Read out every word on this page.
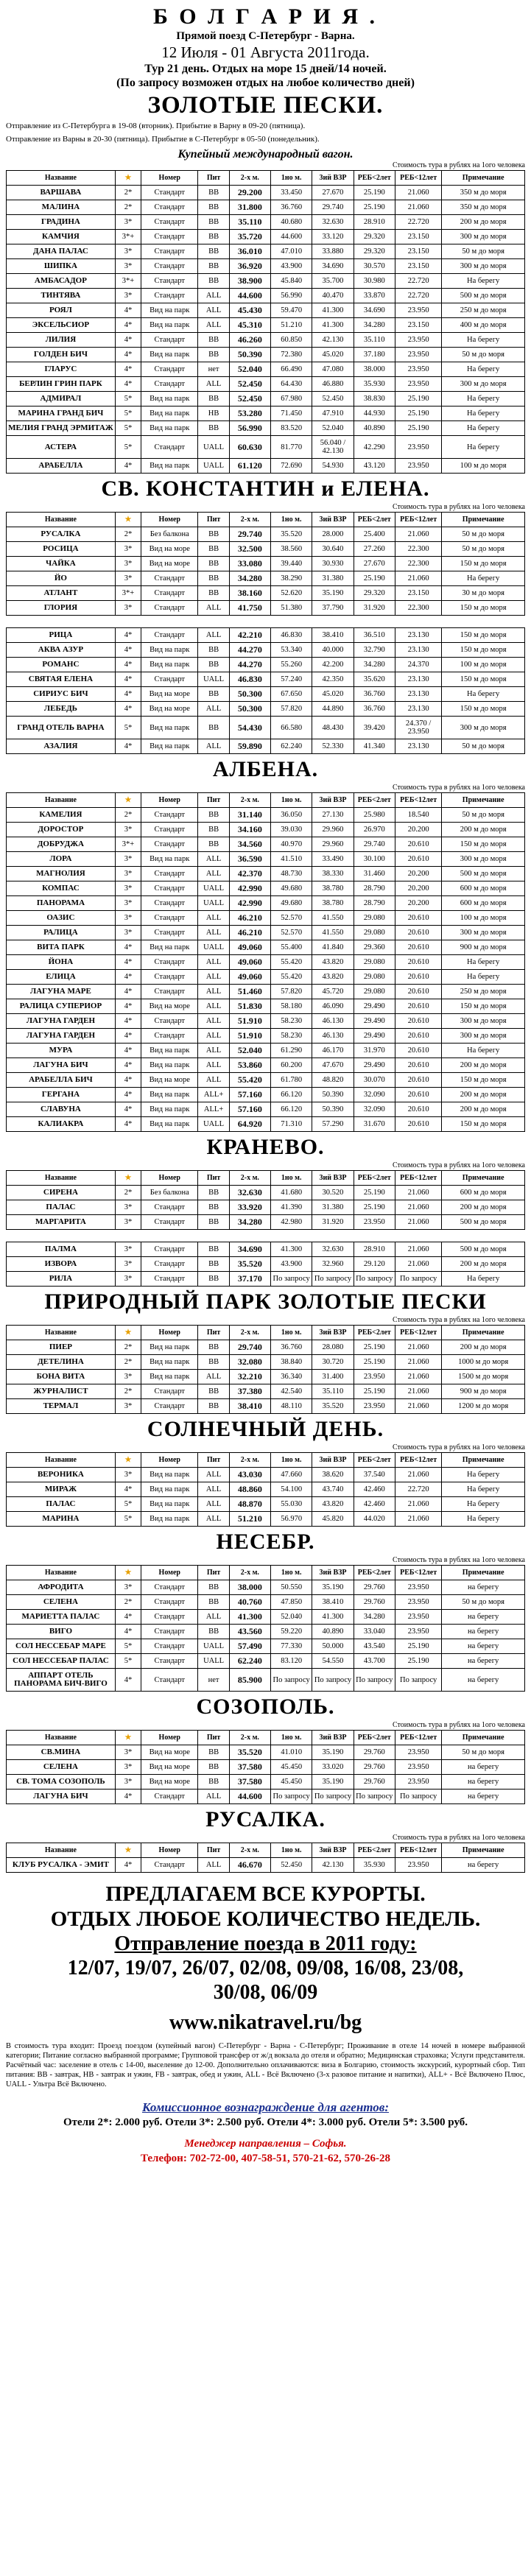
Б О Л Г А Р И Я .
Прямой поезд С-Петербург - Варна.
12 Июля - 01 Августа 2011года.
Тур 21 день. Отдых на море 15 дней/14 ночей.
(По запросу возможен отдых на любое количество дней)
ЗОЛОТЫЕ ПЕСКИ.
Отправление из С-Петербурга в 19-08 (вторник). Прибытие в Варну в 09-20 (пятница).
Отправление из Варны в 20-30 (пятница). Прибытие в С-Петербург в 05-50 (понедельник).
Купейный международный вагон.
Стоимость тура в рублях на 1ого человека
Название	★	Номер	Пит	2-х м.	1но м.	3ий ВЗР	РЕБ<2лет	РЕБ<12лет	Примечание
ВАРШАВА	2*	Стандарт	BB	29.200	33.450	27.670	25.190	21.060	350 м до моря
МАЛИНА	2*	Стандарт	BB	31.800	36.760	29.740	25.190	21.060	350 м до моря
ГРАДИНА	3*	Стандарт	BB	35.110	40.680	32.630	28.910	22.720	200 м до моря
КАМЧИЯ	3*+	Стандарт	BB	35.720	44.600	33.120	29.320	23.150	300 м до моря
ДАНА ПАЛАС	3*	Стандарт	BB	36.010	47.010	33.880	29.320	23.150	50 м до моря
ШИПКА	3*	Стандарт	BB	36.920	43.900	34.690	30.570	23.150	300 м до моря
АМБАСАДОР	3*+	Стандарт	BB	38.900	45.840	35.700	30.980	22.720	На берегу
ТИНТЯВА	3*	Стандарт	ALL	44.600	56.990	40.470	33.870	22.720	500 м до моря
РОЯЛ	4*	Вид на парк	ALL	45.430	59.470	41.300	34.690	23.950	250 м до моря
ЭКСЕЛЬСИОР	4*	Вид на парк	ALL	45.310	51.210	41.300	34.280	23.150	400 м до моря
ЛИЛИЯ	4*	Стандарт	BB	46.260	60.850	42.130	35.110	23.950	На берегу
ГОЛДЕН БИЧ	4*	Вид на парк	BB	50.390	72.380	45.020	37.180	23.950	50 м до моря
ГЛАРУС	4*	Стандарт	нет	52.040	66.490	47.080	38.000	23.950	На берегу
БЕРЛИН ГРИН ПАРК	4*	Стандарт	ALL	52.450	64.430	46.880	35.930	23.950	300 м до моря
АДМИРАЛ	5*	Вид на парк	BB	52.450	67.980	52.450	38.830	25.190	На берегу
МАРИНА ГРАНД БИЧ	5*	Вид на парк	HB	53.280	71.450	47.910	44.930	25.190	На берегу
МЕЛИЯ ГРАНД ЭРМИТАЖ	5*	Вид на парк	BB	56.990	83.520	52.040	40.890	25.190	На берегу
АСТЕРА	5*	Стандарт	UALL	60.630	81.770	56.040 / 42.130	42.290	23.950	На берегу
АРАБЕЛЛА	4*	Вид на парк	UALL	61.120	72.690	54.930	43.120	23.950	100 м до моря
СВ. КОНСТАНТИН и ЕЛЕНА.
Стоимость тура в рублях на 1ого человека
Название	★	Номер	Пит	2-х м.	1но м.	3ий ВЗР	РЕБ<2лет	РЕБ<12лет	Примечание
РУСАЛКА	2*	Без балкона	BB	29.740	35.520	28.000	25.400	21.060	50 м до моря
РОСИЦА	3*	Вид на море	BB	32.500	38.560	30.640	27.260	22.300	50 м до моря
ЧАЙКА	3*	Вид на море	BB	33.080	39.440	30.930	27.670	22.300	150 м до моря
ЙО	3*	Стандарт	BB	34.280	38.290	31.380	25.190	21.060	На берегу
АТЛАНТ	3*+	Стандарт	BB	38.160	52.620	35.190	29.320	23.150	30 м до моря
ГЛОРИЯ	3*	Стандарт	ALL	41.750	51.380	37.790	31.920	22.300	150 м до моря
РИЦА	4*	Стандарт	ALL	42.210	46.830	38.410	36.510	23.130	150 м до моря
АКВА АЗУР	4*	Вид на парк	BB	44.270	53.340	40.000	32.790	23.130	150 м до моря
РОМАНС	4*	Вид на парк	BB	44.270	55.260	42.200	34.280	24.370	100 м до моря
СВЯТАЯ ЕЛЕНА	4*	Стандарт	UALL	46.830	57.240	42.350	35.620	23.130	150 м до моря
СИРИУС БИЧ	4*	Вид на море	BB	50.300	67.650	45.020	36.760	23.130	На берегу
ЛЕБЕДЬ	4*	Вид на море	ALL	50.300	57.820	44.890	36.760	23.130	150 м до моря
ГРАНД ОТЕЛЬ ВАРНА	5*	Вид на парк	BB	54.430	66.580	48.430	39.420	24.370 / 23.950	300 м до моря
АЗАЛИЯ	4*	Вид на парк	ALL	59.890	62.240	52.330	41.340	23.130	50 м до моря
АЛБЕНА.
Стоимость тура в рублях на 1ого человека
Название	★	Номер	Пит	2-х м.	1но м.	3ий ВЗР	РЕБ<2лет	РЕБ<12лет	Примечание
КАМЕЛИЯ	2*	Стандарт	BB	31.140	36.050	27.130	25.980	18.540	50 м до моря
ДОРОСТОР	3*	Стандарт	BB	34.160	39.030	29.960	26.970	20.200	200 м до моря
ДОБРУДЖА	3*+	Стандарт	BB	34.560	40.970	29.960	29.740	20.610	150 м до моря
ЛОРА	3*	Вид на парк	ALL	36.590	41.510	33.490	30.100	20.610	300 м до моря
МАГНОЛИЯ	3*	Стандарт	ALL	42.370	48.730	38.330	31.460	20.200	500 м до моря
КОМПАС	3*	Стандарт	UALL	42.990	49.680	38.780	28.790	20.200	600 м до моря
ПАНОРАМА	3*	Стандарт	UALL	42.990	49.680	38.780	28.790	20.200	600 м до моря
ОАЗИС	3*	Стандарт	ALL	46.210	52.570	41.550	29.080	20.610	100 м до моря
РАЛИЦА	3*	Стандарт	ALL	46.210	52.570	41.550	29.080	20.610	300 м до моря
ВИТА ПАРК	4*	Вид на парк	UALL	49.060	55.400	41.840	29.360	20.610	900 м до моря
ЙОНА	4*	Стандарт	ALL	49.060	55.420	43.820	29.080	20.610	На берегу
ЕЛИЦА	4*	Стандарт	ALL	49.060	55.420	43.820	29.080	20.610	На берегу
ЛАГУНА МАРЕ	4*	Стандарт	ALL	51.460	57.820	45.720	29.080	20.610	250 м до моря
РАЛИЦА СУПЕРИОР	4*	Вид на море	ALL	51.830	58.180	46.090	29.490	20.610	150 м до моря
ЛАГУНА ГАРДЕН	4*	Стандарт	ALL	51.910	58.230	46.130	29.490	20.610	300 м до моря
ЛАГУНА ГАРДЕН	4*	Стандарт	ALL	51.910	58.230	46.130	29.490	20.610	300 м до моря
МУРА	4*	Вид на парк	ALL	52.040	61.290	46.170	31.970	20.610	На берегу
ЛАГУНА БИЧ	4*	Вид на парк	ALL	53.860	60.200	47.670	29.490	20.610	200 м до моря
АРАБЕЛЛА БИЧ	4*	Вид на море	ALL	55.420	61.780	48.820	30.070	20.610	150 м до моря
ГЕРГАНА	4*	Вид на парк	ALL+	57.160	66.120	50.390	32.090	20.610	200 м до моря
СЛАВУНА	4*	Вид на парк	ALL+	57.160	66.120	50.390	32.090	20.610	200 м до моря
КАЛИАКРА	4*	Вид на парк	UALL	64.920	71.310	57.290	31.670	20.610	150 м до моря
КРАНЕВО.
Стоимость тура в рублях на 1ого человека
Название	★	Номер	Пит	2-х м.	1но м.	3ий ВЗР	РЕБ<2лет	РЕБ<12лет	Примечание
СИРЕНА	2*	Без балкона	BB	32.630	41.680	30.520	25.190	21.060	600 м до моря
ПАЛАС	3*	Стандарт	BB	33.920	41.390	31.380	25.190	21.060	200 м до моря
МАРГАРИТА	3*	Стандарт	BB	34.280	42.980	31.920	23.950	21.060	500 м до моря
ПАЛМА	3*	Стандарт	BB	34.690	41.300	32.630	28.910	21.060	500 м до моря
ИЗВОРА	3*	Стандарт	BB	35.520	43.900	32.960	29.120	21.060	200 м до моря
РИЛА	3*	Стандарт	BB	37.170	По запросу	По запросу	По запросу	По запросу	На берегу
ПРИРОДНЫЙ ПАРК ЗОЛОТЫЕ ПЕСКИ
Стоимость тура в рублях на 1ого человека
Название	★	Номер	Пит	2-х м.	1но м.	3ий ВЗР	РЕБ<2лет	РЕБ<12лет	Примечание
ПИЕР	2*	Вид на парк	BB	29.740	36.760	28.080	25.190	21.060	200 м до моря
ДЕТЕЛИНА	2*	Вид на парк	BB	32.080	38.840	30.720	25.190	21.060	1000 м до моря
БОНА ВИТА	3*	Вид на парк	ALL	32.210	36.340	31.400	23.950	21.060	1500 м до моря
ЖУРНАЛИСТ	2*	Стандарт	BB	37.380	42.540	35.110	25.190	21.060	900 м до моря
ТЕРМАЛ	3*	Стандарт	BB	38.410	48.110	35.520	23.950	21.060	1200 м до моря
СОЛНЕЧНЫЙ ДЕНЬ.
Стоимость тура в рублях на 1ого человека
Название	★	Номер	Пит	2-х м.	1но м.	3ий ВЗР	РЕБ<2лет	РЕБ<12лет	Примечание
ВЕРОНИКА	3*	Вид на парк	ALL	43.030	47.660	38.620	37.540	21.060	На берегу
МИРАЖ	4*	Вид на парк	ALL	48.860	54.100	43.740	42.460	22.720	На берегу
ПАЛАС	5*	Вид на парк	ALL	48.870	55.030	43.820	42.460	21.060	На берегу
МАРИНА	5*	Вид на парк	ALL	51.210	56.970	45.820	44.020	21.060	На берегу
НЕСЕБР.
Стоимость тура в рублях на 1ого человека
Название	★	Номер	Пит	2-х м.	1но м.	3ий ВЗР	РЕБ<2лет	РЕБ<12лет	Примечание
АФРОДИТА	3*	Стандарт	BB	38.000	50.550	35.190	29.760	23.950	на берегу
СЕЛЕНА	2*	Стандарт	BB	40.760	47.850	38.410	29.760	23.950	50 м до моря
МАРИЕТТА ПАЛАС	4*	Стандарт	ALL	41.300	52.040	41.300	34.280	23.950	на берегу
ВИГО	4*	Стандарт	BB	43.560	59.220	40.890	33.040	23.950	на берегу
СОЛ НЕССЕБАР МАРЕ	5*	Стандарт	UALL	57.490	77.330	50.000	43.540	25.190	на берегу
СОЛ НЕССЕБАР ПАЛАС	5*	Стандарт	UALL	62.240	83.120	54.550	43.700	25.190	на берегу
АППАРТ ОТЕЛЬ ПАНОРАМА БИЧ-ВИГО	4*	Стандарт	нет	85.900	По запросу	По запросу	По запросу	По запросу	на берегу
СОЗОПОЛЬ.
Стоимость тура в рублях на 1ого человека
Название	★	Номер	Пит	2-х м.	1но м.	3ий ВЗР	РЕБ<2лет	РЕБ<12лет	Примечание
СВ.МИНА	3*	Вид на море	BB	35.520	41.010	35.190	29.760	23.950	50 м до моря
СЕЛЕНА	3*	Вид на море	BB	37.580	45.450	33.020	29.760	23.950	на берегу
СВ. ТОМА СОЗОПОЛЬ	3*	Вид на море	BB	37.580	45.450	35.190	29.760	23.950	на берегу
ЛАГУНА БИЧ	4*	Стандарт	ALL	44.600	По запросу	По запросу	По запросу	По запросу	на берегу
РУСАЛКА.
Стоимость тура в рублях на 1ого человека
Название	★	Номер	Пит	2-х м.	1но м.	3ий ВЗР	РЕБ<2лет	РЕБ<12лет	Примечание
КЛУБ РУСАЛКА - ЭМИТ	4*	Стандарт	ALL	46.670	52.450	42.130	35.930	23.950	на берегу
ПРЕДЛАГАЕМ ВСЕ КУРОРТЫ.
ОТДЫХ ЛЮБОЕ КОЛИЧЕСТВО НЕДЕЛЬ.
Отправление поезда в 2011 году:
12/07, 19/07, 26/07, 02/08, 09/08, 16/08, 23/08,
30/08, 06/09
www.nikatravel.ru/bg
В стоимость тура входит: Проезд поездом (купейный вагон) С-Петербург - Варна - С-Петербург; Проживание в отеле 14 ночей в номере выбранной категории; Питание согласно выбранной программе; Групповой трансфер от ж/д вокзала до отеля и обратно; Медицинская страховка; Услуги представителя. Расчётный час: заселение в отель с 14-00, выселение до 12-00. Дополнительно оплачиваются: виза в Болгарию, стоимость экскурсий, курортный сбор. Тип питания: BB - завтрак, HB - завтрак и ужин, FB - завтрак, обед и ужин, ALL - Всё Включено (3-х разовое питание и напитки), ALL+ - Всё Включено Плюс, UALL - Ультра Всё Включено.
Комиссионное вознаграждение для агентов:
Отели 2*: 2.000 руб. Отели 3*: 2.500 руб. Отели 4*: 3.000 руб. Отели 5*: 3.500 руб.
Менеджер направления – Софья.
Телефон: 702-72-00, 407-58-51, 570-21-62, 570-26-28
